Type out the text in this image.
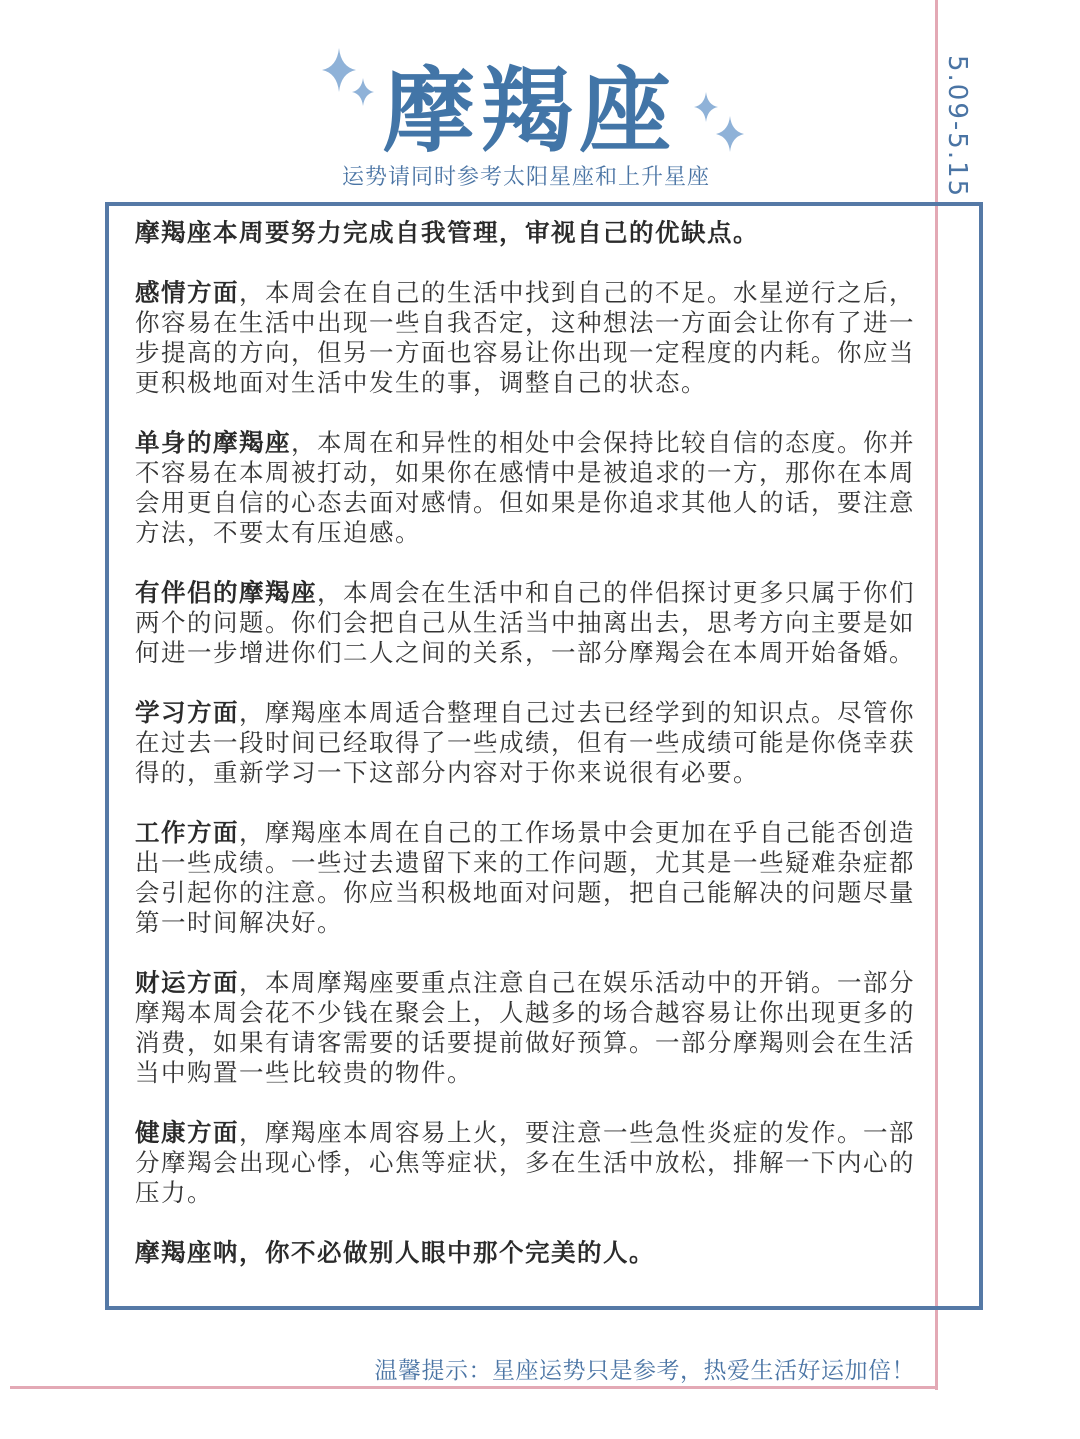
5.09-5.15
摩羯座
运势请同时参考太阳星座和上升星座

摩羯座本周要努力完成自我管理，审视自己的优缺点。

感情方面，本周会在自己的生活中找到自己的不足。水星逆行之后，你容易在生活中出现一些自我否定，这种想法一方面会让你有了进一步提高的方向，但另一方面也容易让你出现一定程度的内耗。你应当更积极地面对生活中发生的事，调整自己的状态。

单身的摩羯座，本周在和异性的相处中会保持比较自信的态度。你并不容易在本周被打动，如果你在感情中是被追求的一方，那你在本周会用更自信的心态去面对感情。但如果是你追求其他人的话，要注意方法，不要太有压迫感。

有伴侣的摩羯座，本周会在生活中和自己的伴侣探讨更多只属于你们两个的问题。你们会把自己从生活当中抽离出去，思考方向主要是如何进一步增进你们二人之间的关系，一部分摩羯会在本周开始备婚。

学习方面，摩羯座本周适合整理自己过去已经学到的知识点。尽管你在过去一段时间已经取得了一些成绩，但有一些成绩可能是你侥幸获得的，重新学习一下这部分内容对于你来说很有必要。

工作方面，摩羯座本周在自己的工作场景中会更加在乎自己能否创造出一些成绩。一些过去遗留下来的工作问题，尤其是一些疑难杂症都会引起你的注意。你应当积极地面对问题，把自己能解决的问题尽量第一时间解决好。

财运方面，本周摩羯座要重点注意自己在娱乐活动中的开销。一部分摩羯本周会花不少钱在聚会上，人越多的场合越容易让你出现更多的消费，如果有请客需要的话要提前做好预算。一部分摩羯则会在生活当中购置一些比较贵的物件。

健康方面，摩羯座本周容易上火，要注意一些急性炎症的发作。一部分摩羯会出现心悸，心焦等症状，多在生活中放松，排解一下内心的压力。

摩羯座呐，你不必做别人眼中那个完美的人。

温馨提示：星座运势只是参考，热爱生活好运加倍！
